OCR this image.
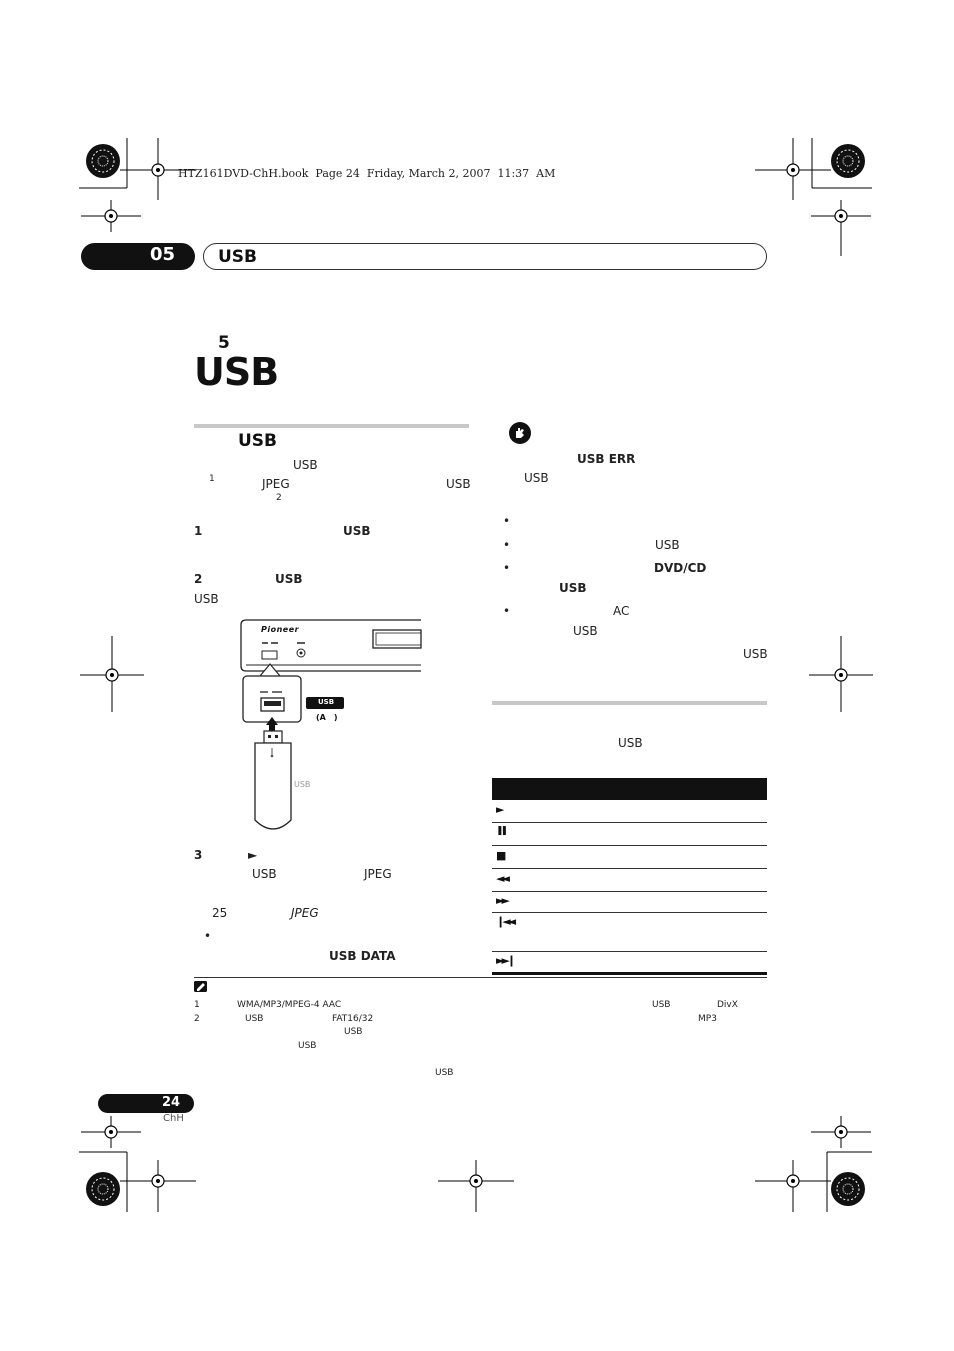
HTZ161DVD-ChH.book  Page 24  Friday, March 2, 2007  11:37  AM
05	USB
5
USB
USB
USB
1	JPEG	USB
2
1	USB
2	USB
USB
Pioneer
USB
(A　)
USB
3	►
USB	JPEG
25	JPEG
•
USB DATA
USB ERR
USB
•
•	USB
•	DVD/CD
USB
•	AC
USB
USB
USB
►
❚❚
■
◄◄
►►
❙◄◄
►►❙
1	WMA/MP3/MPEG-4 AAC	USB	DivX
2	USB	FAT16/32	MP3
USB
USB
USB
24
ChH
